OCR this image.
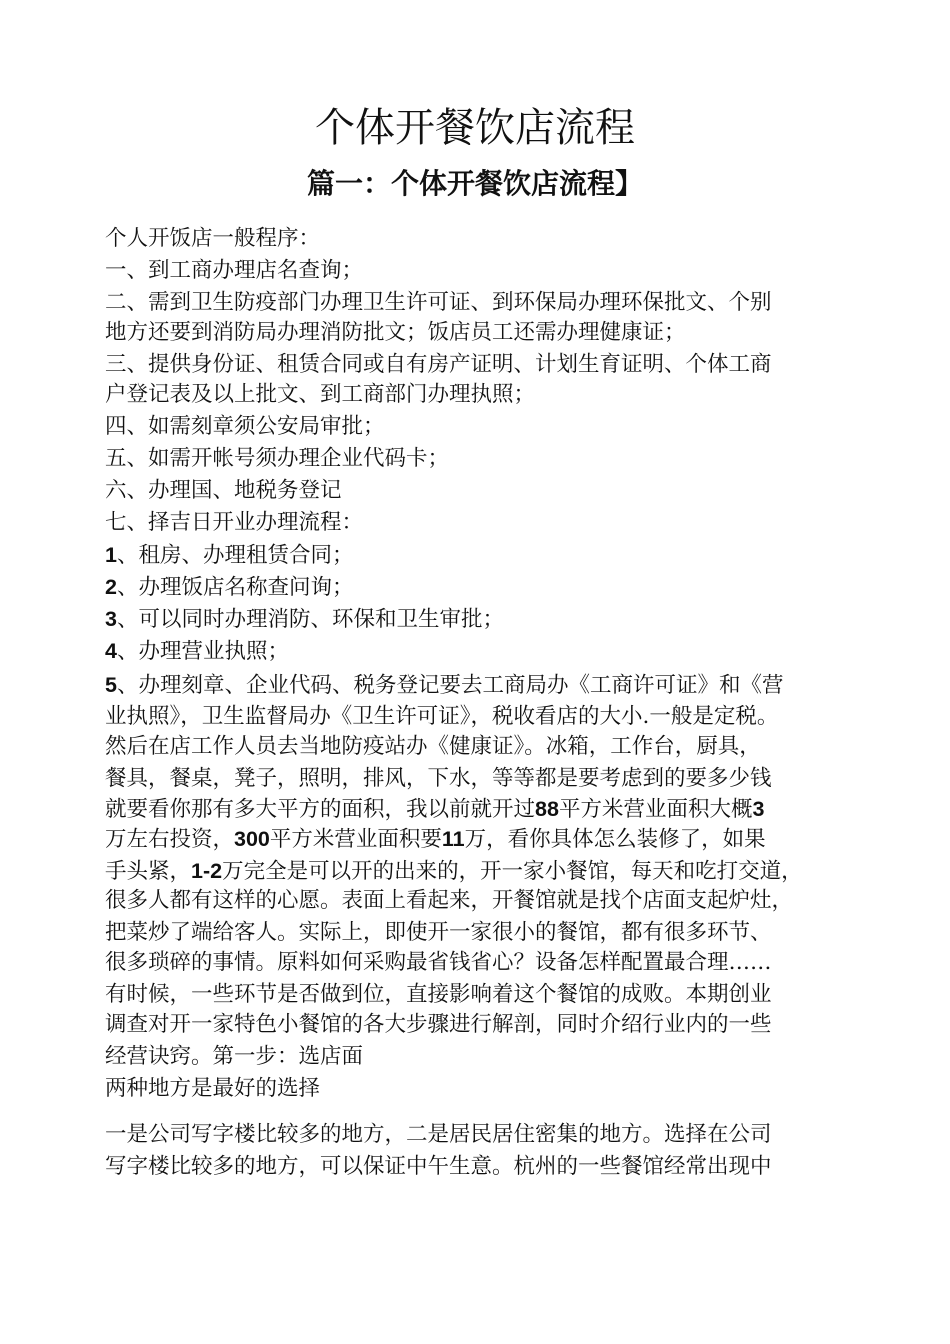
个体开餐饮店流程
篇一：个体开餐饮店流程】
个人开饭店一般程序：
一、到工商办理店名查询；
二、需到卫生防疫部门办理卫生许可证、到环保局办理环保批文、个别
地方还要到消防局办理消防批文；饭店员工还需办理健康证；
三、提供身份证、租赁合同或自有房产证明、计划生育证明、个体工商
户登记表及以上批文、到工商部门办理执照；
四、如需刻章须公安局审批；
五、如需开帐号须办理企业代码卡；
六、办理国、地税务登记
七、择吉日开业办理流程：
1、租房、办理租赁合同；
2、办理饭店名称查问询；
3、可以同时办理消防、环保和卫生审批；
4、办理营业执照；
5、办理刻章、企业代码、税务登记要去工商局办《工商许可证》和《营
业执照》，卫生监督局办《卫生许可证》，税收看店的大小.一般是定税。
然后在店工作人员去当地防疫站办《健康证》。冰箱，工作台，厨具，
餐具，餐桌，凳子，照明，排风，下水，等等都是要考虑到的要多少钱
就要看你那有多大平方的面积，我以前就开过88平方米营业面积大概3
万左右投资，300平方米营业面积要11万，看你具体怎么装修了，如果
手头紧，1-2万完全是可以开的出来的，开一家小餐馆，每天和吃打交道，
很多人都有这样的心愿。表面上看起来，开餐馆就是找个店面支起炉灶，
把菜炒了端给客人。实际上，即使开一家很小的餐馆，都有很多环节、
很多琐碎的事情。原料如何采购最省钱省心？设备怎样配置最合理……
有时候，一些环节是否做到位，直接影响着这个餐馆的成败。本期创业
调查对开一家特色小餐馆的各大步骤进行解剖，同时介绍行业内的一些
经营诀窍。第一步：选店面
两种地方是最好的选择
一是公司写字楼比较多的地方，二是居民居住密集的地方。选择在公司
写字楼比较多的地方，可以保证中午生意。杭州的一些餐馆经常出现中
